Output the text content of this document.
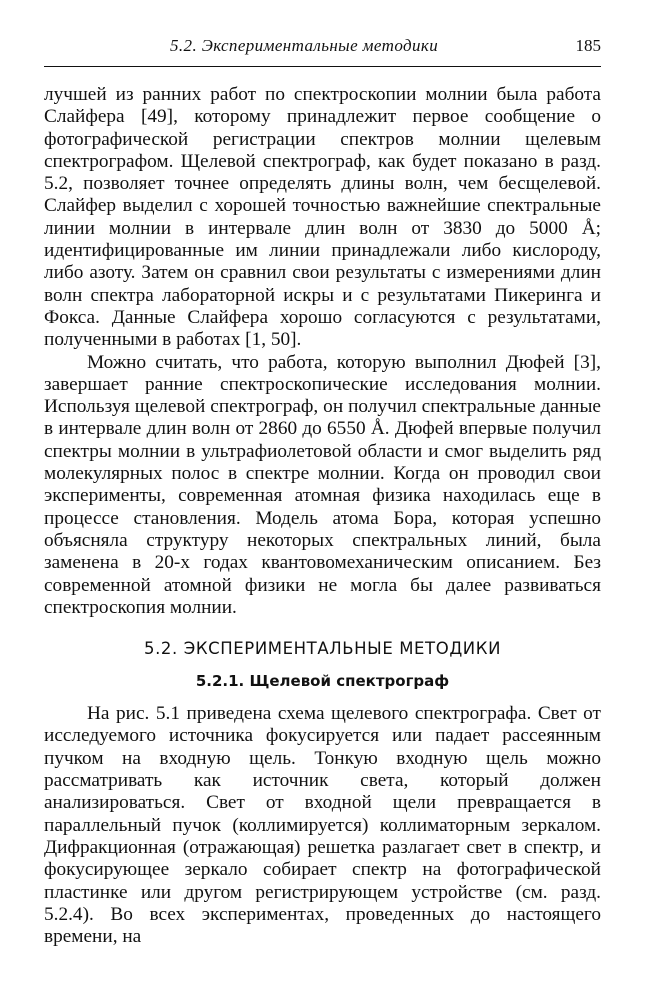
5.2. Экспериментальные методики	185

лучшей из ранних работ по спектроскопии молнии была работа Слайфера [49], которому принадлежит первое сообщение о фотографической регистрации спектров молнии щелевым спектрографом. Щелевой спектрограф, как будет показано в разд. 5.2, позволяет точнее определять длины волн, чем бесщелевой. Слайфер выделил с хорошей точностью важнейшие спектральные линии молнии в интервале длин волн от 3830 до 5000 Å; идентифицированные им линии принадлежали либо кислороду, либо азоту. Затем он сравнил свои результаты с измерениями длин волн спектра лабораторной искры и с результатами Пикеринга и Фокса. Данные Слайфера хорошо согласуются с результатами, полученными в работах [1, 50].

Можно считать, что работа, которую выполнил Дюфей [3], завершает ранние спектроскопические исследования молнии. Используя щелевой спектрограф, он получил спектральные данные в интервале длин волн от 2860 до 6550 Å. Дюфей впервые получил спектры молнии в ультрафиолетовой области и смог выделить ряд молекулярных полос в спектре молнии. Когда он проводил свои эксперименты, современная атомная физика находилась еще в процессе становления. Модель атома Бора, которая успешно объясняла структуру некоторых спектральных линий, была заменена в 20-х годах квантовомеханическим описанием. Без современной атомной физики не могла бы далее развиваться спектроскопия молнии.

5.2. ЭКСПЕРИМЕНТАЛЬНЫЕ МЕТОДИКИ
5.2.1. Щелевой спектрограф

На рис. 5.1 приведена схема щелевого спектрографа. Свет от исследуемого источника фокусируется или падает рассеянным пучком на входную щель. Тонкую входную щель можно рассматривать как источник света, который должен анализироваться. Свет от входной щели превращается в параллельный пучок (коллимируется) коллиматорным зеркалом. Дифракционная (отражающая) решетка разлагает свет в спектр, и фокусирующее зеркало собирает спектр на фотографической пластинке или другом регистрирующем устройстве (см. разд. 5.2.4). Во всех экспериментах, проведенных до настоящего времени, на
